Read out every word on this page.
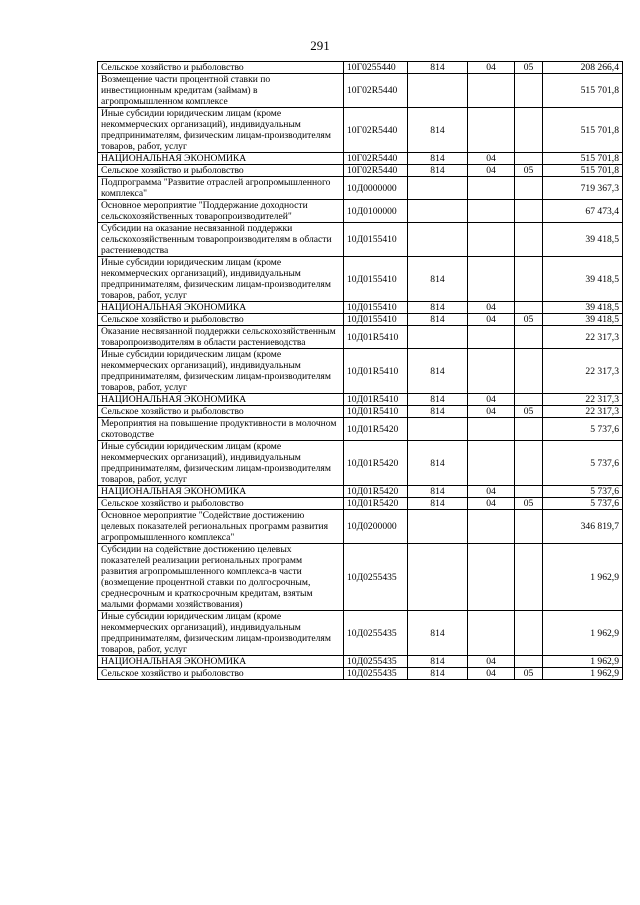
291
Сельское хозяйство и рыболовство	10Г0255440	814	04	05	208 266,4
Возмещение части процентной ставки по инвестиционным кредитам (займам) в агропромышленном комплексе	10Г02R5440				515 701,8
Иные субсидии юридическим лицам (кроме некоммерческих организаций), индивидуальным предпринимателям, физическим лицам-производителям товаров, работ, услуг	10Г02R5440	814			515 701,8
НАЦИОНАЛЬНАЯ ЭКОНОМИКА	10Г02R5440	814	04		515 701,8
Сельское хозяйство и рыболовство	10Г02R5440	814	04	05	515 701,8
Подпрограмма "Развитие отраслей агропромышленного комплекса"	10Д0000000				719 367,3
Основное мероприятие "Поддержание доходности сельскохозяйственных товаропроизводителей"	10Д0100000				67 473,4
Субсидии на оказание несвязанной поддержки сельскохозяйственным товаропроизводителям в области растениеводства	10Д0155410				39 418,5
Иные субсидии юридическим лицам (кроме некоммерческих организаций), индивидуальным предпринимателям, физическим лицам-производителям товаров, работ, услуг	10Д0155410	814			39 418,5
НАЦИОНАЛЬНАЯ ЭКОНОМИКА	10Д0155410	814	04		39 418,5
Сельское хозяйство и рыболовство	10Д0155410	814	04	05	39 418,5
Оказание несвязанной поддержки сельскохозяйственным товаропроизводителям в области растениеводства	10Д01R5410				22 317,3
Иные субсидии юридическим лицам (кроме некоммерческих организаций), индивидуальным предпринимателям, физическим лицам-производителям товаров, работ, услуг	10Д01R5410	814			22 317,3
НАЦИОНАЛЬНАЯ ЭКОНОМИКА	10Д01R5410	814	04		22 317,3
Сельское хозяйство и рыболовство	10Д01R5410	814	04	05	22 317,3
Мероприятия на повышение продуктивности в молочном скотоводстве	10Д01R5420				5 737,6
Иные субсидии юридическим лицам (кроме некоммерческих организаций), индивидуальным предпринимателям, физическим лицам-производителям товаров, работ, услуг	10Д01R5420	814			5 737,6
НАЦИОНАЛЬНАЯ ЭКОНОМИКА	10Д01R5420	814	04		5 737,6
Сельское хозяйство и рыболовство	10Д01R5420	814	04	05	5 737,6
Основное мероприятие "Содействие достижению целевых показателей региональных программ развития агропромышленного комплекса"	10Д0200000				346 819,7
Субсидии на содействие достижению целевых показателей реализации региональных программ развития агропромышленного комплекса-в части (возмещение процентной ставки по долгосрочным, среднесрочным и краткосрочным кредитам, взятым малыми формами хозяйствования)	10Д0255435				1 962,9
Иные субсидии юридическим лицам (кроме некоммерческих организаций), индивидуальным предпринимателям, физическим лицам-производителям товаров, работ, услуг	10Д0255435	814			1 962,9
НАЦИОНАЛЬНАЯ ЭКОНОМИКА	10Д0255435	814	04		1 962,9
Сельское хозяйство и рыболовство	10Д0255435	814	04	05	1 962,9
